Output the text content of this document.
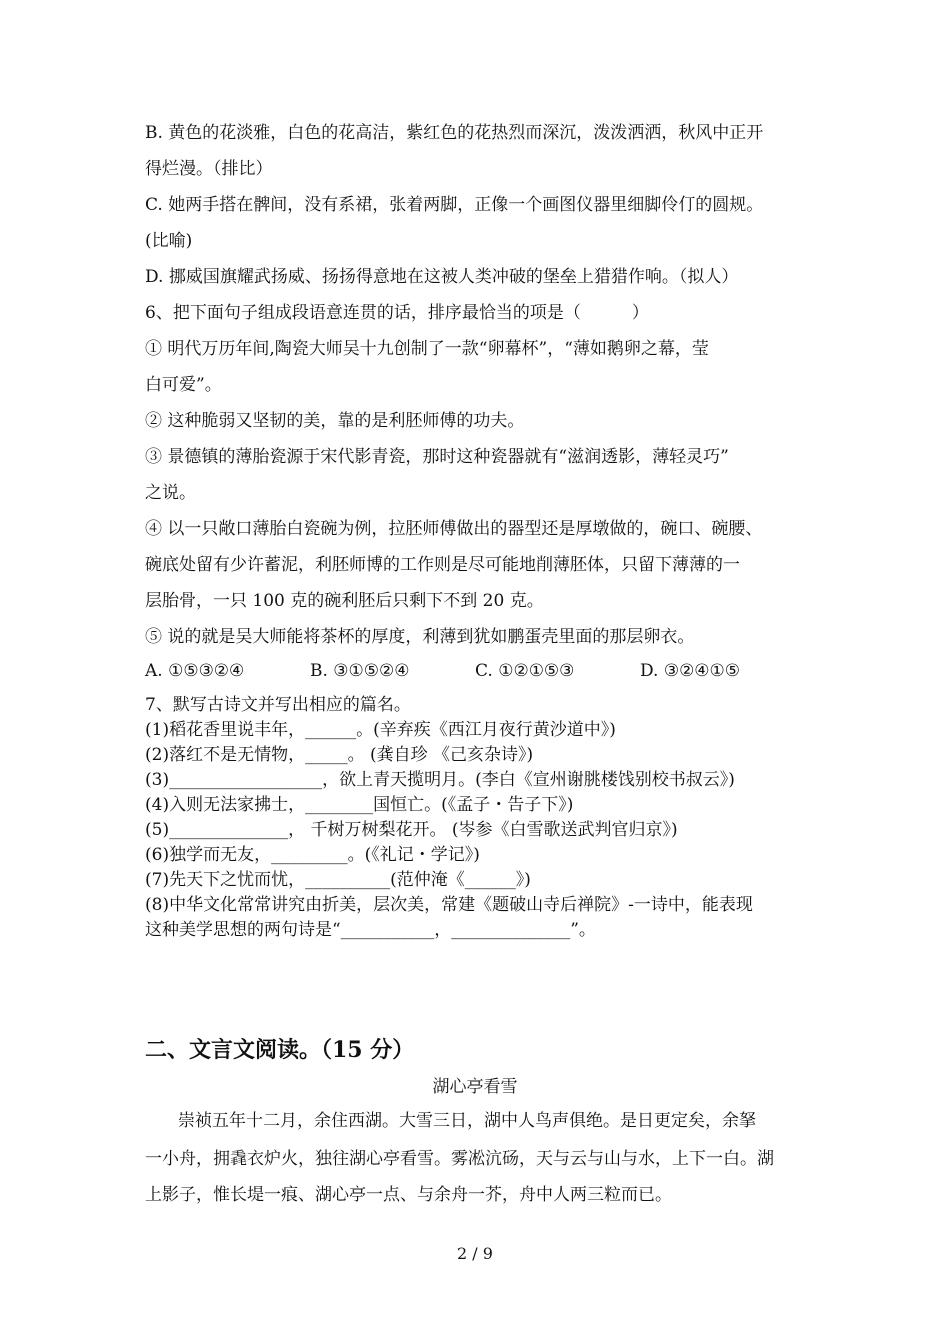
B. 黄色的花淡雅，白色的花高洁，紫红色的花热烈而深沉，泼泼洒洒，秋风中正开
得烂漫。（排比）
C. 她两手搭在髀间，没有系裙，张着两脚，正像一个画图仪器里细脚伶仃的圆规。
(比喻)
D. 挪威国旗耀武扬威、扬扬得意地在这被人类冲破的堡垒上猎猎作响。（拟人）
6、把下面句子组成段语意连贯的话，排序最恰当的项是（　　　）
① 明代万历年间,陶瓷大师吴十九创制了一款“卵幕杯”，“薄如鹅卵之幕，莹
白可爱”。
② 这种脆弱又坚韧的美，靠的是利胚师傅的功夫。
③ 景德镇的薄胎瓷源于宋代影青瓷，那时这种瓷器就有“滋润透影，薄轻灵巧”
之说。
④ 以一只敞口薄胎白瓷碗为例，拉胚师傅做出的器型还是厚墩做的，碗口、碗腰、
碗底处留有少许蓄泥，利胚师博的工作则是尽可能地削薄胚体，只留下薄薄的一
层胎骨，一只 100 克的碗利胚后只剩下不到 20 克。
⑤ 说的就是吴大师能将茶杯的厚度，利薄到犹如鹏蛋壳里面的那层卵衣。
A. ①⑤③②④	B. ③①⑤②④	C. ①②①⑤③	D. ③②④①⑤
7、默写古诗文并写出相应的篇名。
(1)稻花香里说丰年，______。(辛弃疾《西江月夜行黄沙道中》)
(2)落红不是无情物，_____。 (龚自珍 《己亥杂诗》)
(3)__________________，欲上青天揽明月。(李白《宣州谢朓楼饯别校书叔云》)
(4)入则无法家拂士，________国恒亡。(《孟子・告子下》)
(5)______________， 千树万树梨花开。 (岑参《白雪歌送武判官归京》)
(6)独学而无友，_________。(《礼记・学记》)
(7)先天下之忧而忧，__________(范仲淹《______》)
(8)中华文化常常讲究由折美，层次美，常建《题破山寺后禅院》-一诗中，能表现
这种美学思想的两句诗是“___________，______________”。
二、文言文阅读。（15 分）
湖心亭看雪
崇祯五年十二月，余住西湖。大雪三日，湖中人鸟声俱绝。是日更定矣，余拏
一小舟，拥毳衣炉火，独往湖心亭看雪。雾凇沆砀，天与云与山与水，上下一白。湖
上影子，惟长堤一痕、湖心亭一点、与余舟一芥，舟中人两三粒而已。
2 / 9
